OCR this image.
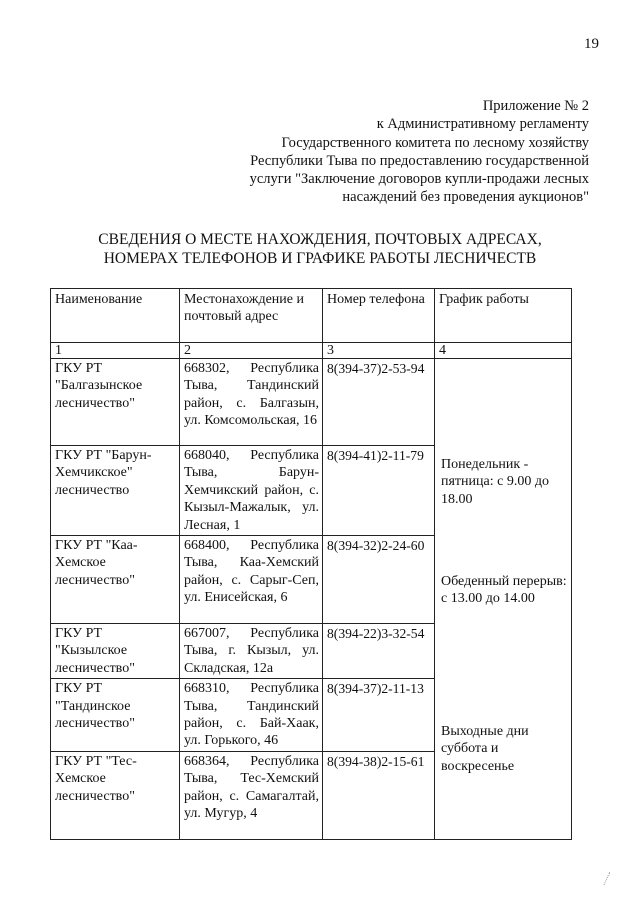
19
Приложение № 2
к Административному регламенту
Государственного комитета по лесному хозяйству
Республики Тыва по предоставлению государственной
услуги "Заключение договоров купли-продажи лесных
насаждений без проведения аукционов"
СВЕДЕНИЯ О МЕСТЕ НАХОЖДЕНИЯ, ПОЧТОВЫХ АДРЕСАХ,
НОМЕРАХ ТЕЛЕФОНОВ И ГРАФИКЕ РАБОТЫ ЛЕСНИЧЕСТВ
Наименование	Местонахождение и почтовый адрес	Номер телефона	График работы
1	2	3	4
ГКУ РТ "Балгазынское лесничество"	668302, Республика Тыва, Тандинский район, с. Балгазын, ул. Комсомольская, 16	8(394-37)2-53-94	Понедельник - пятница: с 9.00 до 18.00
Обеденный перерыв: с 13.00 до 14.00
Выходные дни суббота и воскресенье

ГКУ РТ "Барун-Хемчикское" лесничество	668040, Республика Тыва, Барун-Хемчикский район, с. Кызыл-Мажалык, ул. Лесная, 1	8(394-41)2-11-79	
ГКУ РТ "Каа-Хемское лесничество"	668400, Республика Тыва, Каа-Хемский район, с. Сарыг-Сеп, ул. Енисейская, 6	8(394-32)2-24-60	
ГКУ РТ "Кызылское лесничество"	667007, Республика Тыва, г. Кызыл, ул. Складская, 12а	8(394-22)3-32-54	
ГКУ РТ "Тандинское лесничество"	668310, Республика Тыва, Тандинский район, с. Бай-Хаак, ул. Горького, 46	8(394-37)2-11-13	
ГКУ РТ "Тес-Хемское лесничество"	668364, Республика Тыва, Тес-Хемский район, с. Самагалтай, ул. Мугур, 4	8(394-38)2-15-61	
